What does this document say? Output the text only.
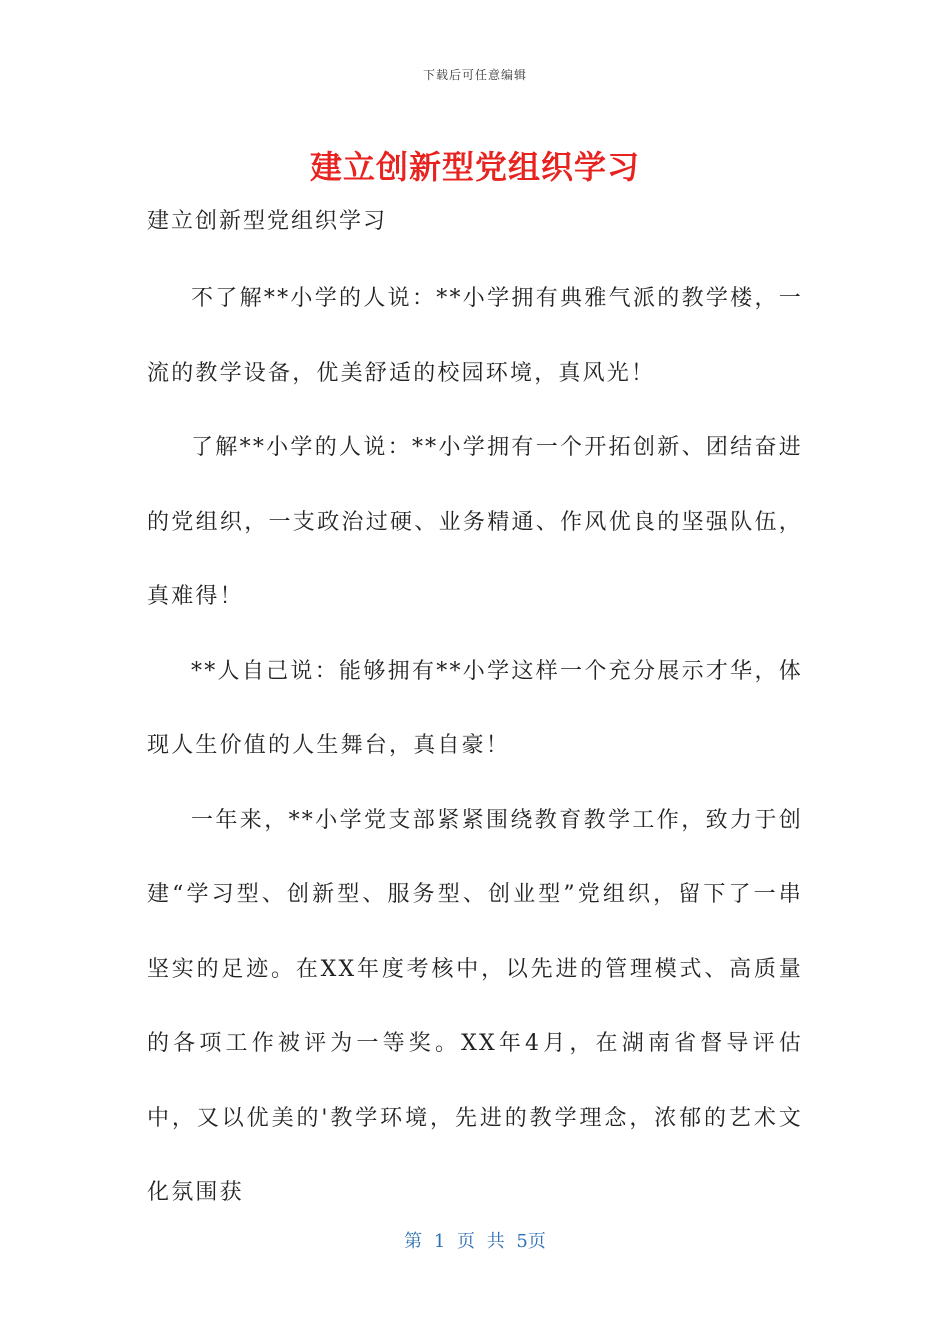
下载后可任意编辑
建立创新型党组织学习
建立创新型党组织学习

不了解**小学的人说：**小学拥有典雅气派的教学楼，一流的教学设备，优美舒适的校园环境，真风光！

了解**小学的人说：**小学拥有一个开拓创新、团结奋进的党组织，一支政治过硬、业务精通、作风优良的坚强队伍，真难得！

**人自己说：能够拥有**小学这样一个充分展示才华，体现人生价值的人生舞台，真自豪！

一年来，**小学党支部紧紧围绕教育教学工作，致力于创建“学习型、创新型、服务型、创业型”党组织，留下了一串坚实的足迹。在XX年度考核中，以先进的管理模式、高质量的各项工作被评为一等奖。XX年4月，在湖南省督导评估中，又以优美的'教学环境，先进的教学理念，浓郁的艺术文化氛围获

第 1 页 共 5页
